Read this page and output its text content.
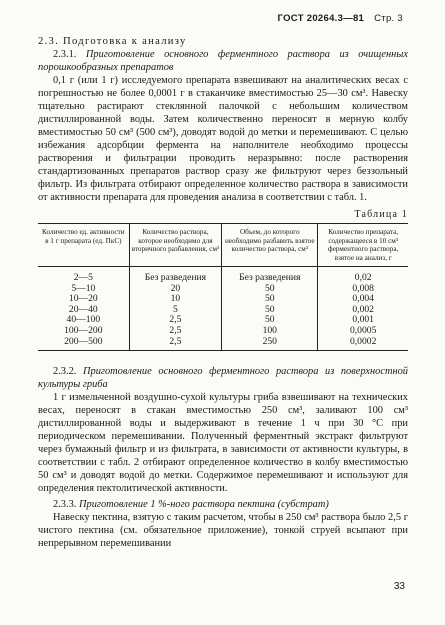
ГОСТ 20264.3—81 Стр. 3

2.3. Подготовка к анализу

2.3.1. Приготовление основного ферментного раствора из очищенных порошкообразных препаратов

0,1 г (или 1 г) исследуемого препарата взвешивают на аналитических весах с погрешностью не более 0,0001 г в стаканчике вместимостью 25—30 см³. Навеску тщательно растирают стеклянной палочкой с небольшим количеством дистиллированной воды. Затем количественно переносят в мерную колбу вместимостью 50 см³ (500 см³), доводят водой до метки и перемешивают. С целью избежания адсорбции фермента на наполнителе необходимо процессы растворения и фильтрации проводить неразрывно: после растворения стандартизованных препаратов раствор сразу же фильтруют через беззольный фильтр. Из фильтрата отбирают определенное количество раствора в зависимости от активности препарата для проведения анализа в соответствии с табл. 1.

Таблица 1
Количество ед. активности в 1 г препарата (ед. ПкС)	Количество раствора, которое необходимо для вторичного разбавления, см³	Объем, до которого необходимо разбавить взятое количество раствора, см³	Количество препарата, содержащееся в 10 см³ ферментного раствора, взятое на анализ, г
2—5	Без разведения	Без разведения	0,02
5—10	20	50	0,008
10—20	10	50	0,004
20—40	5	50	0,002
40—100	2,5	50	0,001
100—200	2,5	100	0,0005
200—500	2,5	250	0,0002

2.3.2. Приготовление основного ферментного раствора из поверхностной культуры гриба

1 г измельченной воздушно-сухой культуры гриба взвешивают на технических весах, переносят в стакан вместимостью 250 см³, заливают 100 см³ дистиллированной воды и выдерживают в течение 1 ч при 30 °С при периодическом перемешивании. Полученный ферментный экстракт фильтруют через бумажный фильтр и из фильтрата, в зависимости от активности культуры, в соответствии с табл. 2 отбирают определенное количество в колбу вместимостью 50 см³ и доводят водой до метки. Содержимое перемешивают и используют для определения пектолитической активности.

2.3.3. Приготовление 1 %-ного раствора пектина (субстрат)

Навеску пектина, взятую с таким расчетом, чтобы в 250 см³ раствора было 2,5 г чистого пектина (см. обязательное приложение), тонкой струей всыпают при непрерывном перемешивании

33
